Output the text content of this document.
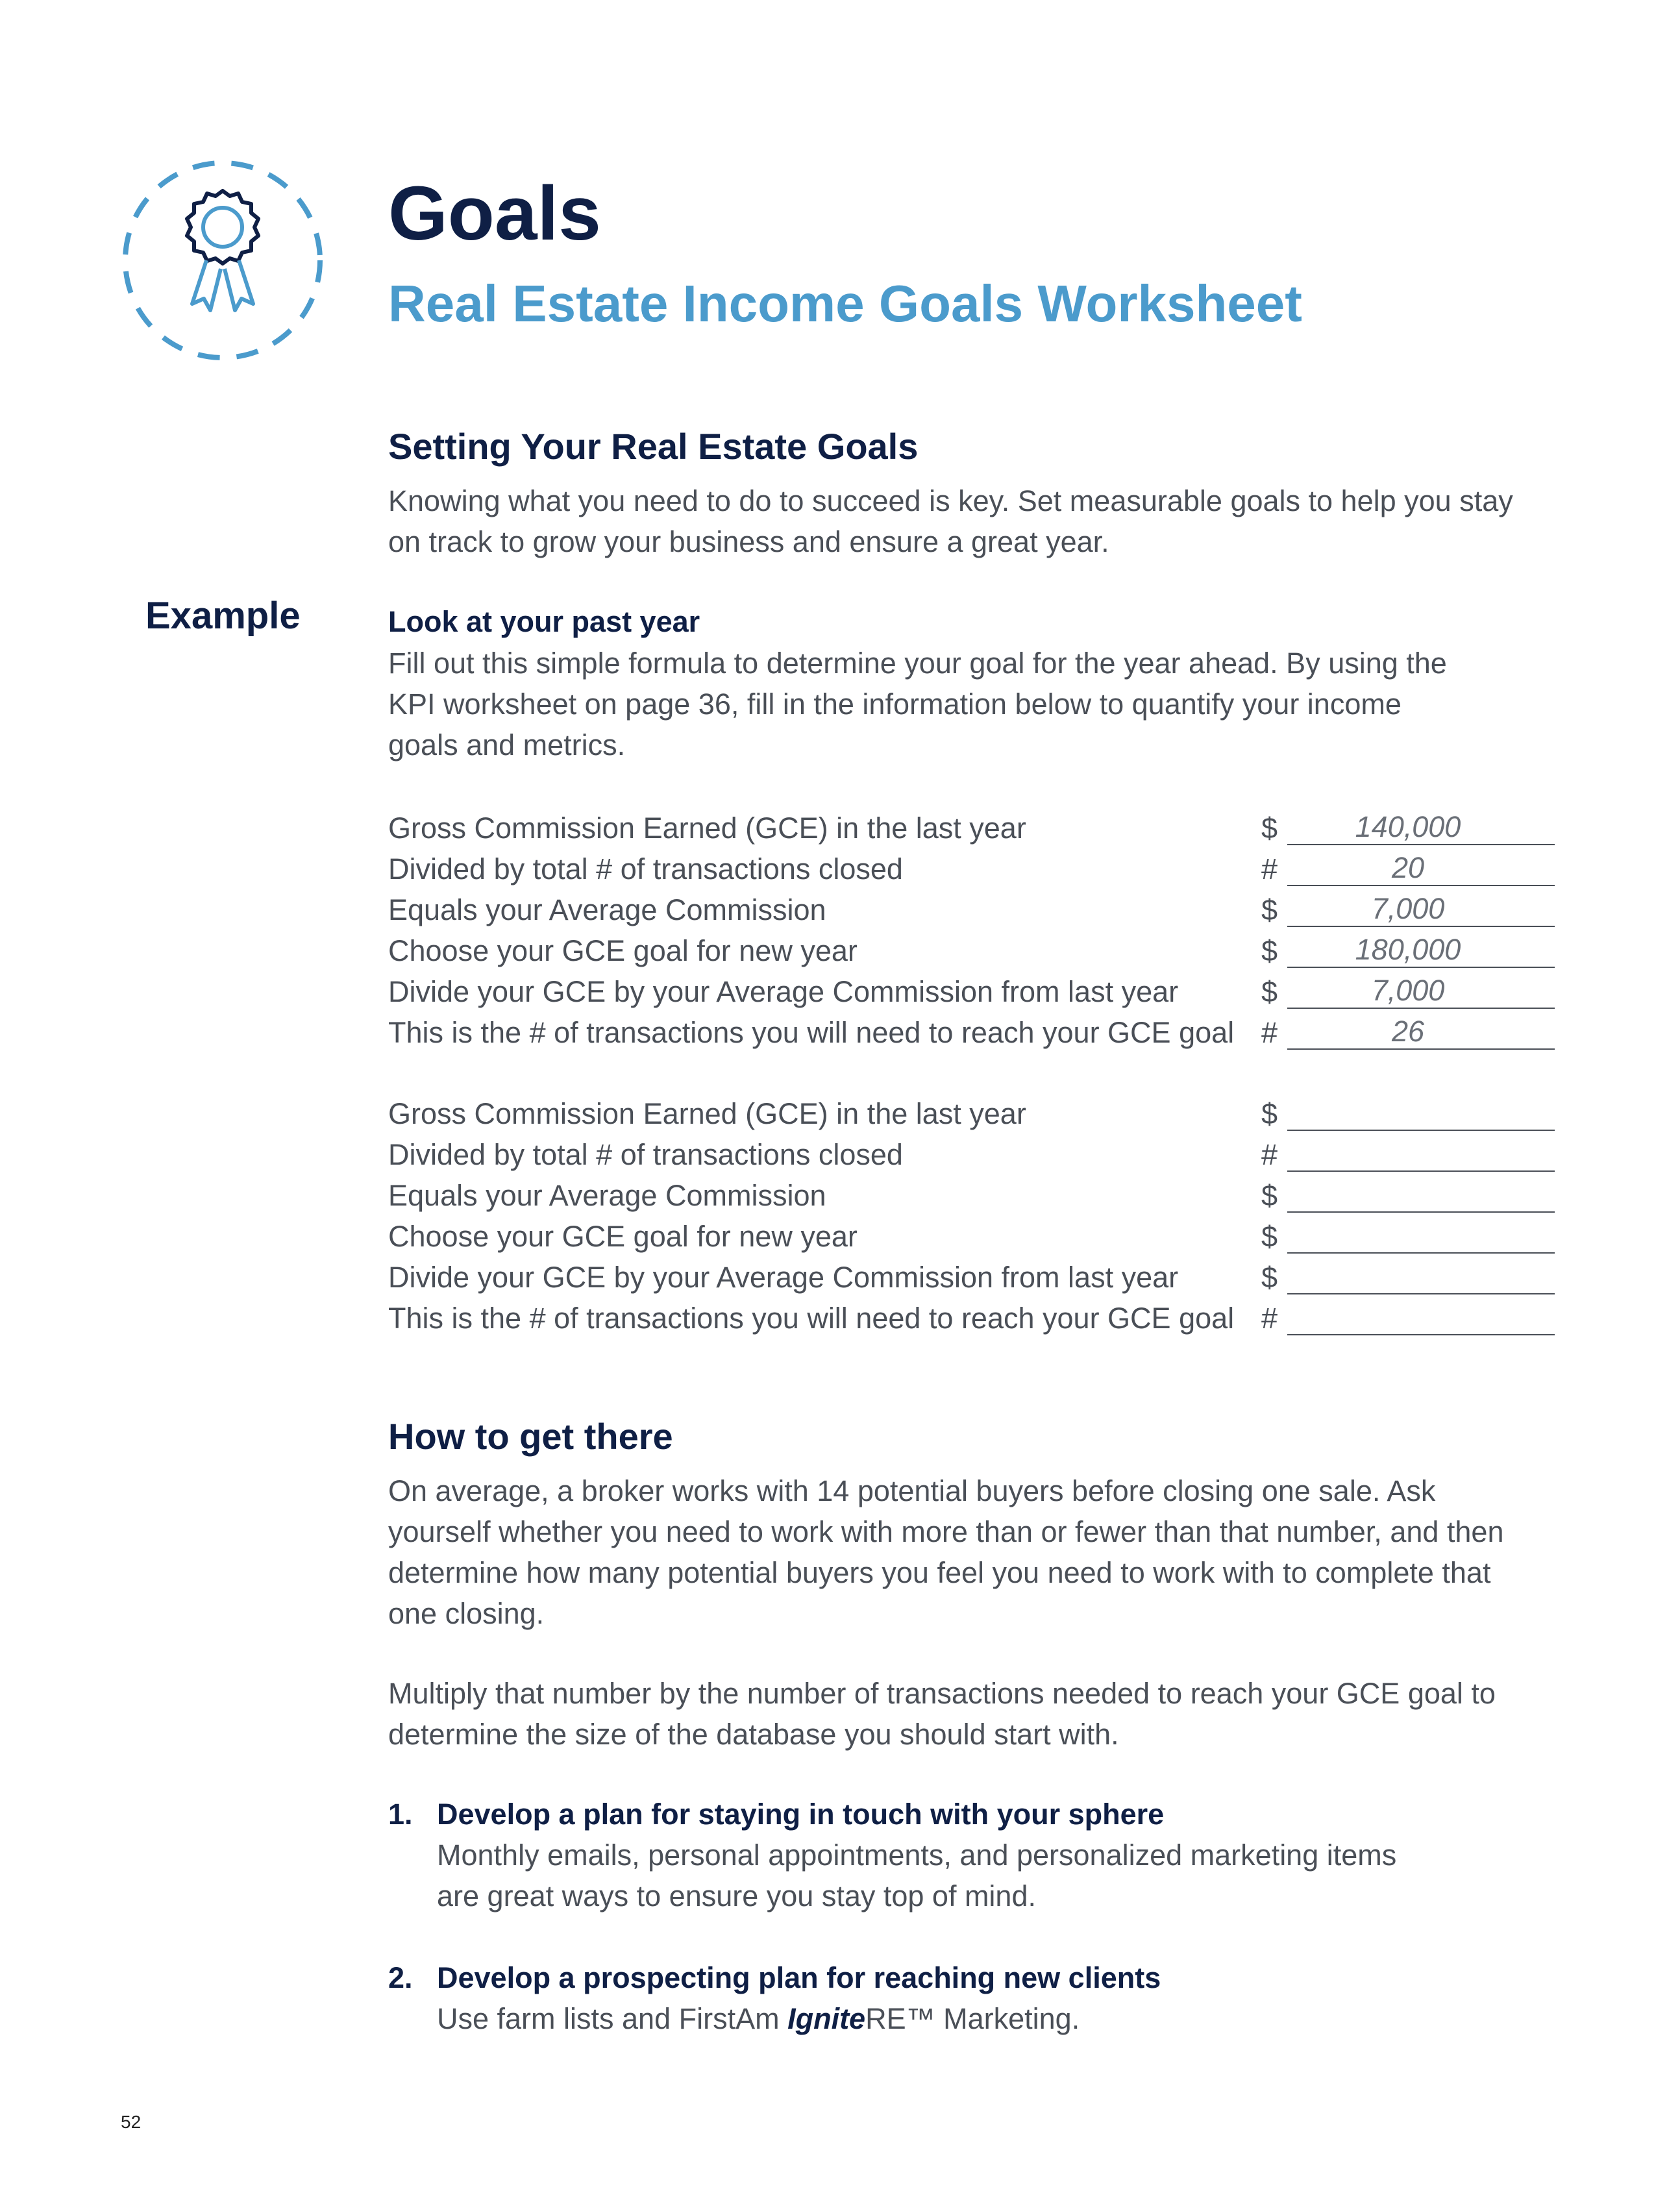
Goals
Real Estate Income Goals Worksheet
Example
Setting Your Real Estate Goals

Knowing what you need to do to succeed is key. Set measurable goals to help you stay

on track to grow your business and ensure a great year.

Look at your past year

Fill out this simple formula to determine your goal for the year ahead. By using the

KPI worksheet on page 36, fill in the information below to quantify your income

goals and metrics.

Gross Commission Earned (GCE) in the last year	$	140,000
Divided by total # of transactions closed	#	20
Equals your Average Commission	$	7,000
Choose your GCE goal for new year	$	180,000
Divide your GCE by your Average Commission from last year	$	7,000
This is the # of transactions you will need to reach your GCE goal #	26
Gross Commission Earned (GCE) in the last year	$
Divided by total # of transactions closed	#
Equals your Average Commission	$
Choose your GCE goal for new year	$
Divide your GCE by your Average Commission from last year	$
This is the # of transactions you will need to reach your GCE goal #
How to get there

On average, a broker works with 14 potential buyers before closing one sale. Ask

yourself whether you need to work with more than or fewer than that number, and then

determine how many potential buyers you feel you need to work with to complete that

one closing.

Multiply that number by the number of transactions needed to reach your GCE goal to

determine the size of the database you should start with.

1. Develop a plan for staying in touch with your sphere

Monthly emails, personal appointments, and personalized marketing items

are great ways to ensure you stay top of mind.

2. Develop a prospecting plan for reaching new clients

Use farm lists and FirstAm IgniteRE™ Marketing.

52
